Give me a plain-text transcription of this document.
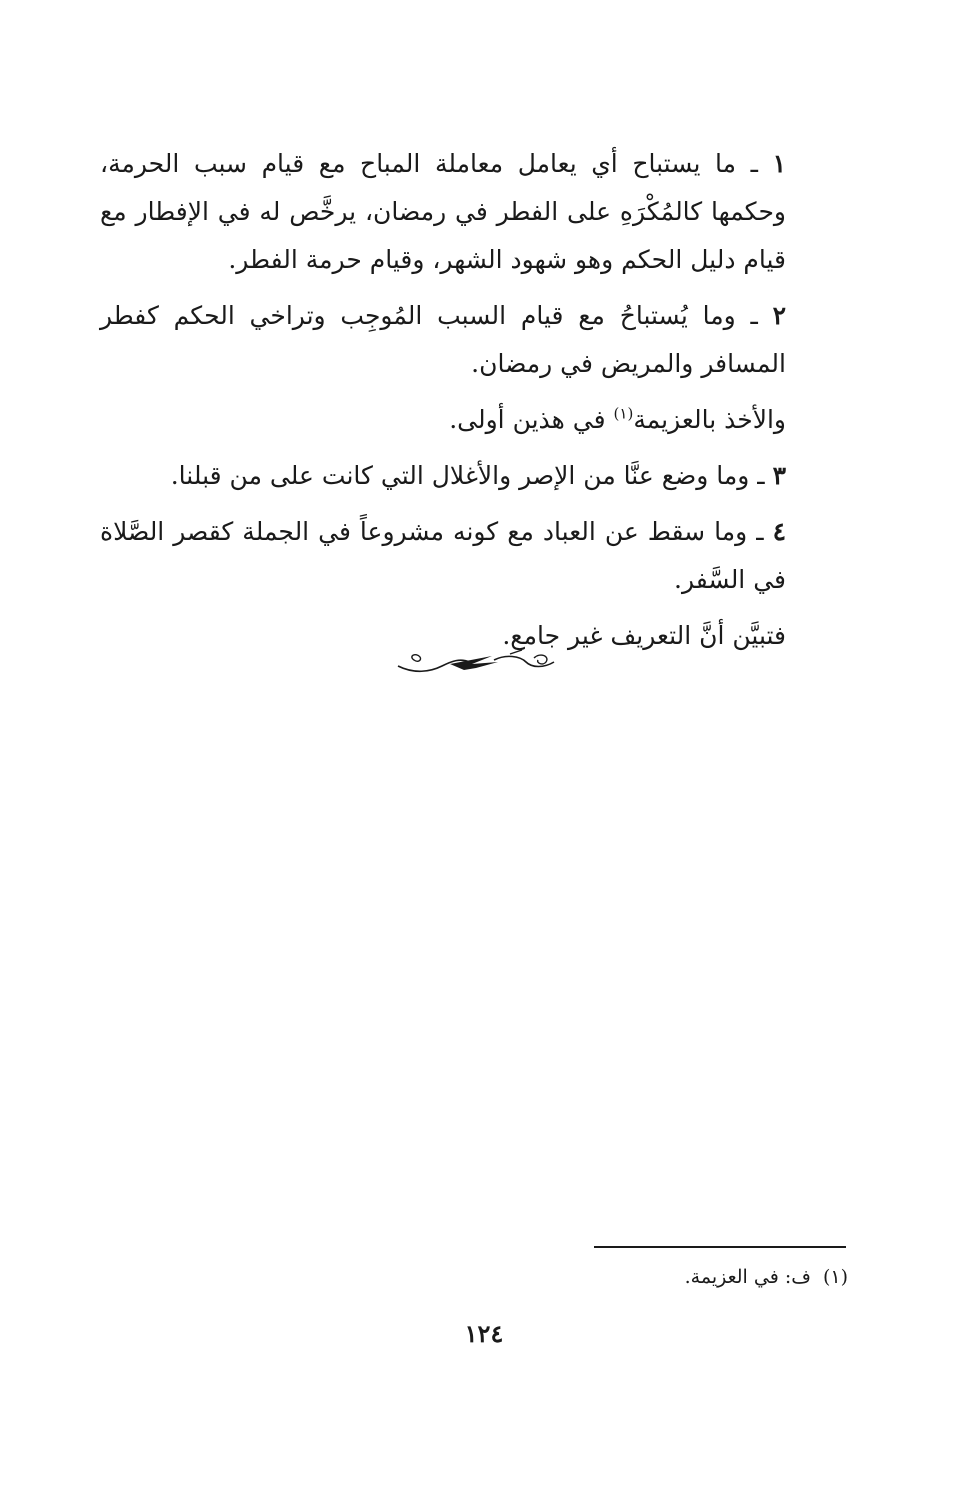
١ ـ ما يستباح أي يعامل معاملة المباح مع قيام سبب الحرمة، وحكمها كالمُكْرَهِ على الفطر في رمضان، يرخَّص له في الإفطار مع قيام دليل الحكم وهو شهود الشهر، وقيام حرمة الفطر.

٢ ـ وما يُستباحُ مع قيام السبب المُوجِب وتراخي الحكم كفطر المسافر والمريض في رمضان.

والأخذ بالعزيمة$^{(١)}$ في هذين أولى.

٣ ـ وما وضع عنَّا من الإصر والأغلال التي كانت على من قبلنا.

٤ ـ وما سقط عن العباد مع كونه مشروعاً في الجملة كقصر الصَّلاة في السَّفر.

فتبيَّن أنَّ التعريف غير جامع.

(١)ف: في العزيمة.
١٢٤
